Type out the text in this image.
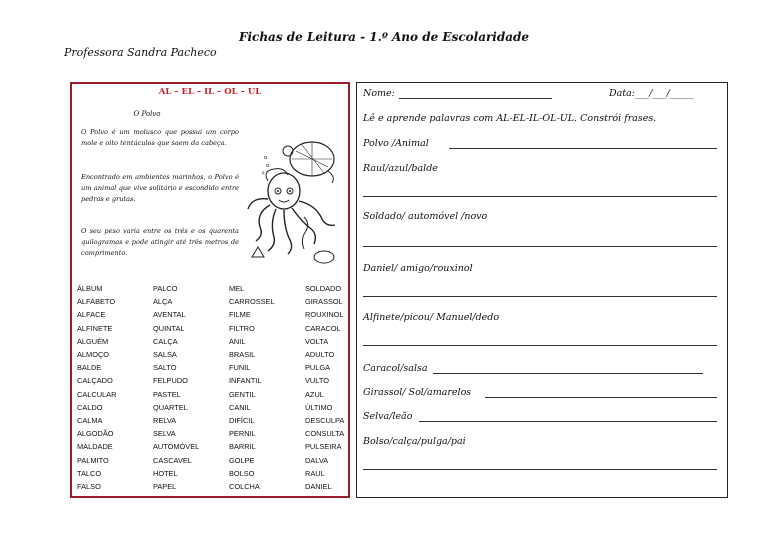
Fichas de Leitura - 1.º Ano de Escolaridade
Professora Sandra Pacheco
AL – EL – IL – OL – UL
O Polvo
O Polvo é um molusco que possui um corpo mole e oito tentáculos que saem da cabeça.
Encontrado em ambientes marinhos, o Polvo é um animal que vive solitário e escondido entre pedras e grutas.
O seu peso varia entre os três e os quarenta quilogramas e pode atingir até três metros de comprimento.
o
o
o
ÁLBUM	PALCO	MEL	SOLDADO
ALFABETO	ALÇA	CARROSSEL	GIRASSOL
ALFACE	AVENTAL	FILME	ROUXINOL
ALFINETE	QUINTAL	FILTRO	CARACOL
ALGUÉM	CALÇA	ANIL	VOLTA
ALMOÇO	SALSA	BRASIL	ADULTO
BALDE	SALTO	FUNIL	PULGA
CALÇADO	FELPUDO	INFANTIL	VULTO
CALCULAR	PASTEL	GENTIL	AZUL
CALDO	QUARTEL	CANIL	ÚLTIMO
CALMA	RELVA	DIFÍCIL	DESCULPA
ALGODÃO	SELVA	PERNIL	CONSULTA
MALDADE	AUTOMÓVEL	BARRIL	PULSEIRA
PALMITO	CASCAVEL	GOLPE	DALVA
TALCO	HOTEL	BOLSO	RAUL
FALSO	PAPEL	COLCHA	DANIEL
Nome:	Data:___/___/_____
Lê e aprende palavras com AL-EL-IL-OL-UL. Constrói frases.
Polvo /Animal
Raul/azul/balde
Soldado/ automóvel /novo
Daniel/ amigo/rouxinol
Alfinete/picou/ Manuel/dedo
Caracol/salsa
Girassol/ Sol/amarelos
Selva/leão
Bolso/calça/pulga/pai
